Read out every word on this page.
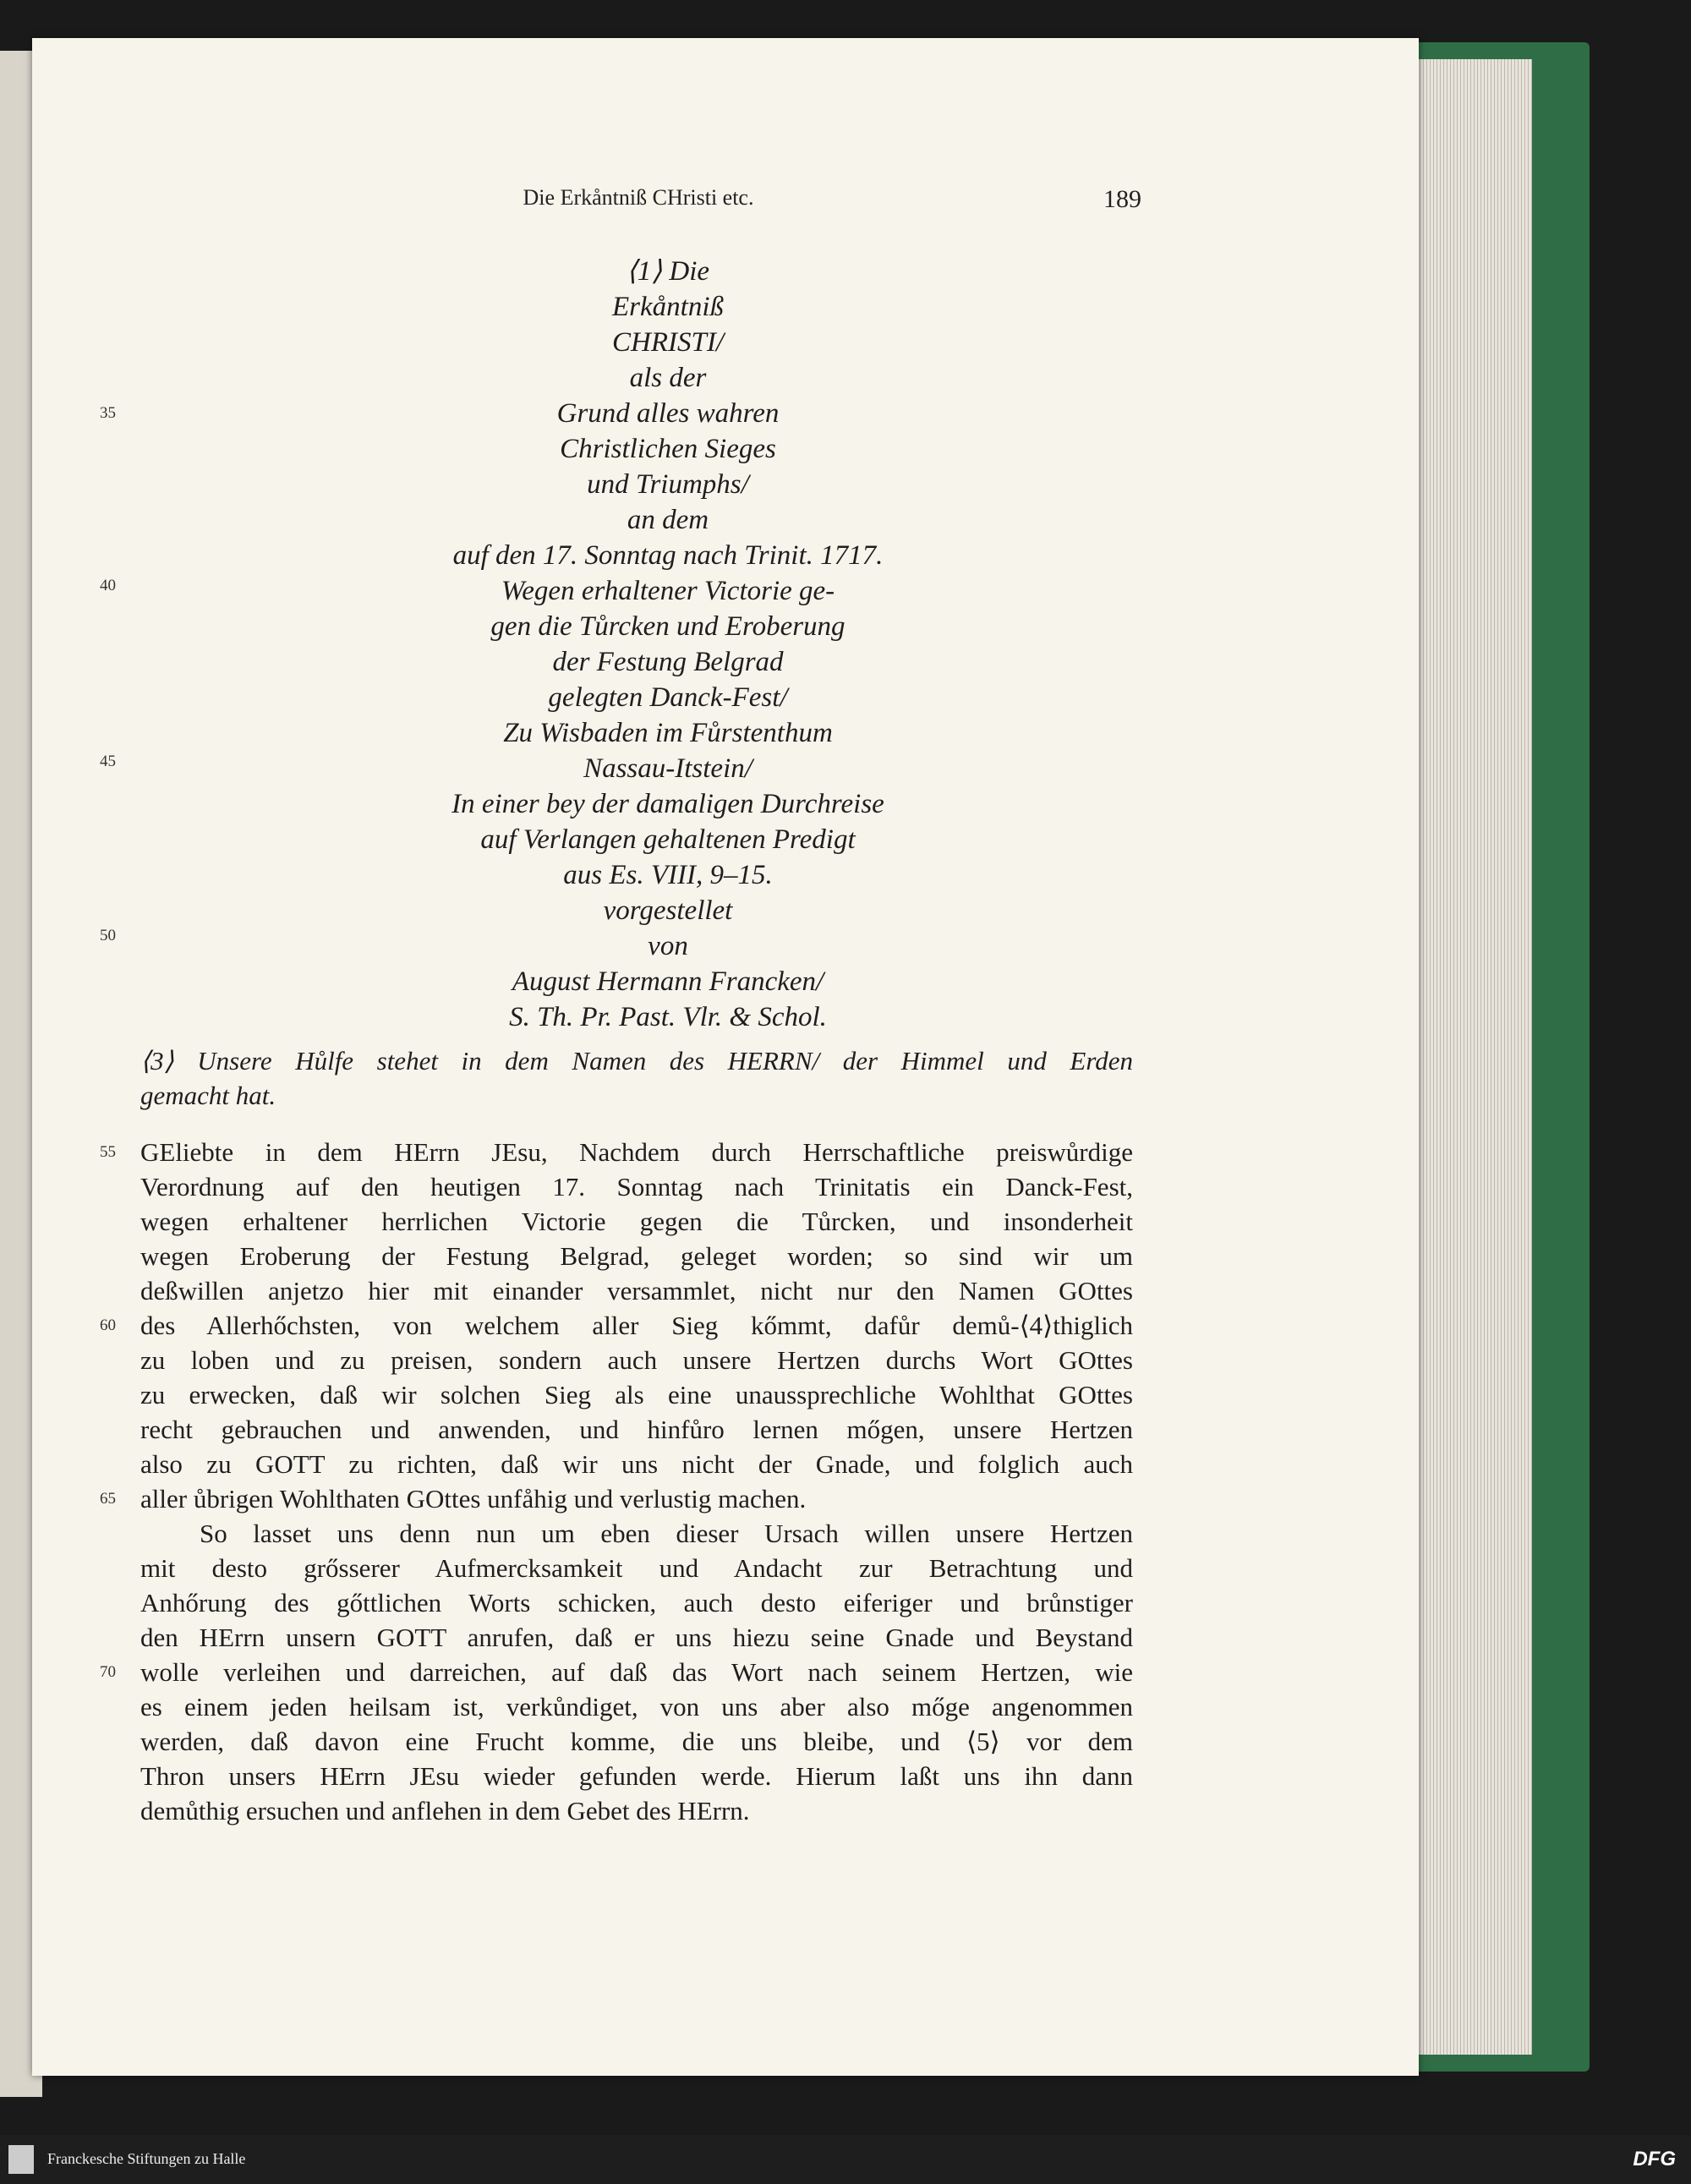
Die Erkåntniß CHristi etc.	189
⟨1⟩ Die
Erkåntniß
CHRISTI/
als der
Grund alles wahren
Christlichen Sieges
und Triumphs/
an dem
auf den 17. Sonntag nach Trinit. 1717.
Wegen erhaltener Victorie ge-
gen die Tůrcken und Eroberung
der Festung Belgrad
gelegten Danck-Fest/
Zu Wisbaden im Fůrstenthum
Nassau-Itstein/
In einer bey der damaligen Durchreise
auf Verlangen gehaltenen Predigt
aus Es. VIII, 9–15.
vorgestellet
von
August Hermann Francken/
S. Th. Pr. Past. Vlr. & Schol.
35
40
45
50
55
60
65
70
⟨3⟩ Unsere Hůlfe stehet in dem Namen des HERRN/ der Himmel und Erden
gemacht hat.
GEliebte in dem HErrn JEsu, Nachdem durch Herrschaftliche preiswůrdige
Verordnung auf den heutigen 17. Sonntag nach Trinitatis ein Danck-Fest,
wegen erhaltener herrlichen Victorie gegen die Tůrcken, und insonderheit
wegen Eroberung der Festung Belgrad, geleget worden; so sind wir um
deßwillen anjetzo hier mit einander versammlet, nicht nur den Namen GOttes
des Allerhőchsten, von welchem aller Sieg kőmmt, dafůr demů-⟨4⟩thiglich
zu loben und zu preisen, sondern auch unsere Hertzen durchs Wort GOttes
zu erwecken, daß wir solchen Sieg als eine unaussprechliche Wohlthat GOttes
recht gebrauchen und anwenden, und hinfůro lernen mőgen, unsere Hertzen
also zu GOTT zu richten, daß wir uns nicht der Gnade, und folglich auch
aller ůbrigen Wohlthaten GOttes unfåhig und verlustig machen.
So lasset uns denn nun um eben dieser Ursach willen unsere Hertzen
mit desto grősserer Aufmercksamkeit und Andacht zur Betrachtung und
Anhőrung des gőttlichen Worts schicken, auch desto eiferiger und brůnstiger
den HErrn unsern GOTT anrufen, daß er uns hiezu seine Gnade und Beystand
wolle verleihen und darreichen, auf daß das Wort nach seinem Hertzen, wie
es einem jeden heilsam ist, verkůndiget, von uns aber also mőge angenommen
werden, daß davon eine Frucht komme, die uns bleibe, und ⟨5⟩ vor dem
Thron unsers HErrn JEsu wieder gefunden werde. Hierum laßt uns ihn dann
demůthig ersuchen und anflehen in dem Gebet des HErrn.
Franckesche Stiftungen zu Halle	DFG
